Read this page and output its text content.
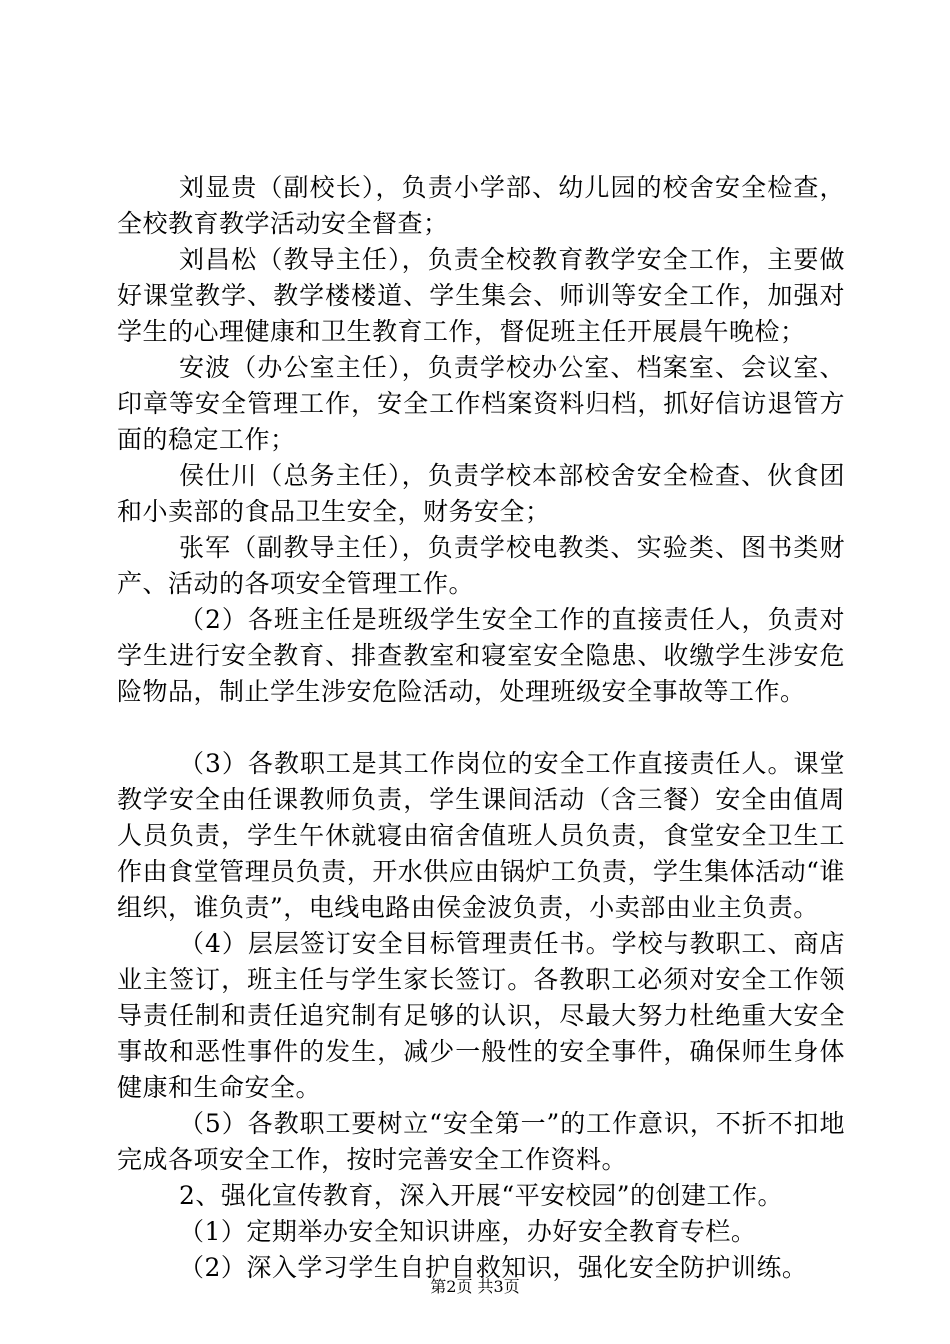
刘显贵（副校长），负责小学部、幼儿园的校舍安全检查，全校教育教学活动安全督查；

刘昌松（教导主任），负责全校教育教学安全工作，主要做好课堂教学、教学楼楼道、学生集会、师训等安全工作，加强对学生的心理健康和卫生教育工作，督促班主任开展晨午晚检；

安波（办公室主任），负责学校办公室、档案室、会议室、印章等安全管理工作，安全工作档案资料归档，抓好信访退管方面的稳定工作；

侯仕川（总务主任），负责学校本部校舍安全检查、伙食团和小卖部的食品卫生安全，财务安全；

张军（副教导主任），负责学校电教类、实验类、图书类财产、活动的各项安全管理工作。

（2）各班主任是班级学生安全工作的直接责任人，负责对学生进行安全教育、排查教室和寝室安全隐患、收缴学生涉安危险物品，制止学生涉安危险活动，处理班级安全事故等工作。

（3）各教职工是其工作岗位的安全工作直接责任人。课堂教学安全由任课教师负责，学生课间活动（含三餐）安全由值周人员负责，学生午休就寝由宿舍值班人员负责，食堂安全卫生工作由食堂管理员负责，开水供应由锅炉工负责，学生集体活动“谁组织，谁负责”，电线电路由侯金波负责，小卖部由业主负责。

（4）层层签订安全目标管理责任书。学校与教职工、商店业主签订，班主任与学生家长签订。各教职工必须对安全工作领导责任制和责任追究制有足够的认识，尽最大努力杜绝重大安全事故和恶性事件的发生，减少一般性的安全事件，确保师生身体健康和生命安全。

（5）各教职工要树立“安全第一”的工作意识，不折不扣地完成各项安全工作，按时完善安全工作资料。

2、强化宣传教育，深入开展“平安校园”的创建工作。

（1）定期举办安全知识讲座，办好安全教育专栏。

（2）深入学习学生自护自救知识，强化安全防护训练。

第2页 共3页
